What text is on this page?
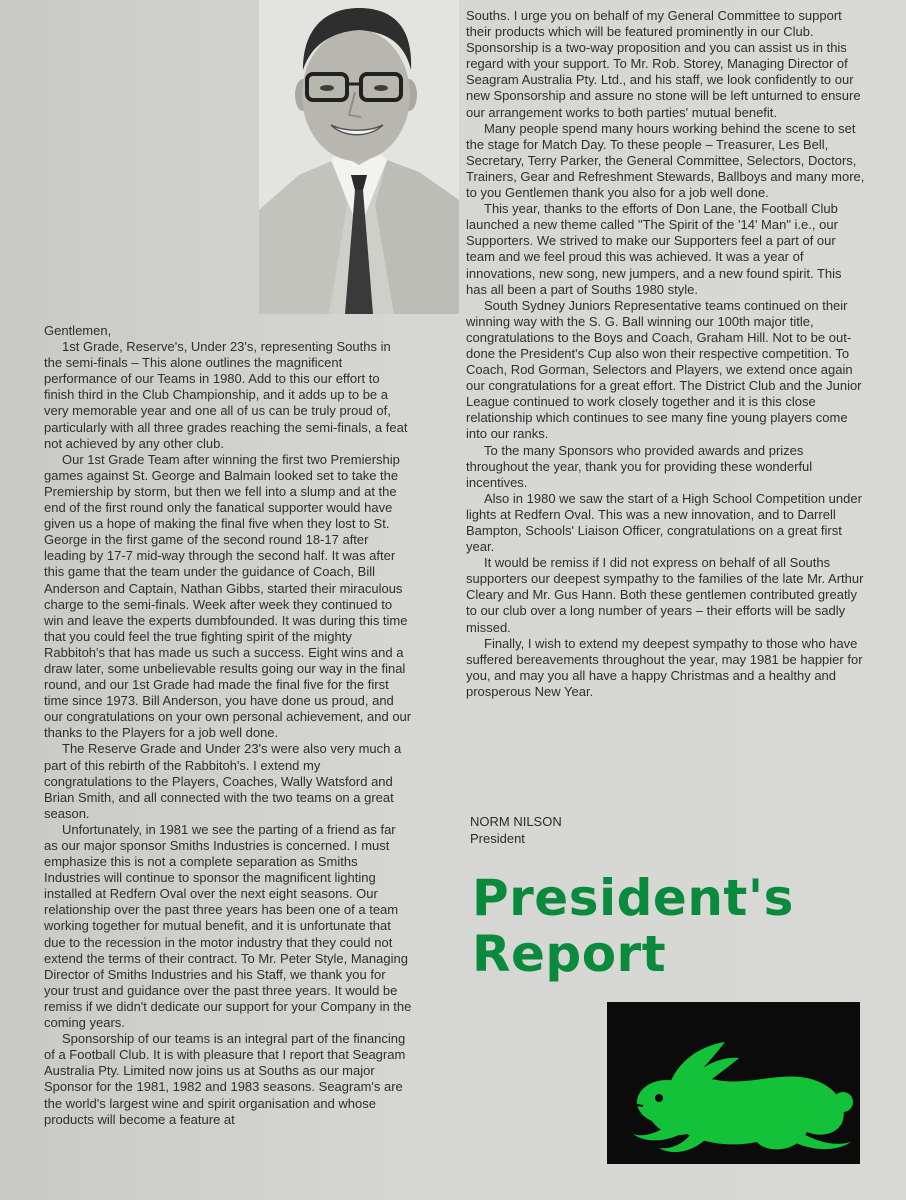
Gentlemen,

1st Grade, Reserve's, Under 23's, representing Souths in the semi-finals – This alone outlines the magnificent performance of our Teams in 1980. Add to this our effort to finish third in the Club Championship, and it adds up to be a very memorable year and one all of us can be truly proud of, particularly with all three grades reaching the semi-finals, a feat not achieved by any other club.

Our 1st Grade Team after winning the first two Premiership games against St. George and Balmain looked set to take the Premiership by storm, but then we fell into a slump and at the end of the first round only the fanatical supporter would have given us a hope of making the final five when they lost to St. George in the first game of the second round 18-17 after leading by 17-7 mid-way through the second half. It was after this game that the team under the guidance of Coach, Bill Anderson and Captain, Nathan Gibbs, started their miraculous charge to the semi-finals. Week after week they continued to win and leave the experts dumbfounded. It was during this time that you could feel the true fighting spirit of the mighty Rabbitoh's that has made us such a success. Eight wins and a draw later, some unbelievable results going our way in the final round, and our 1st Grade had made the final five for the first time since 1973. Bill Anderson, you have done us proud, and our congratulations on your own personal achievement, and our thanks to the Players for a job well done.

The Reserve Grade and Under 23's were also very much a part of this rebirth of the Rabbitoh's. I extend my congratulations to the Players, Coaches, Wally Watsford and Brian Smith, and all connected with the two teams on a great season.

Unfortunately, in 1981 we see the parting of a friend as far as our major sponsor Smiths Industries is concerned. I must emphasize this is not a complete separation as Smiths Industries will continue to sponsor the magnificent lighting installed at Redfern Oval over the next eight seasons. Our relationship over the past three years has been one of a team working together for mutual benefit, and it is unfortunate that due to the recession in the motor industry that they could not extend the terms of their contract. To Mr. Peter Style, Managing Director of Smiths Industries and his Staff, we thank you for your trust and guidance over the past three years. It would be remiss if we didn't dedicate our support for your Company in the coming years.

Sponsorship of our teams is an integral part of the financing of a Football Club. It is with pleasure that I report that Seagram Australia Pty. Limited now joins us at Souths as our major Sponsor for the 1981, 1982 and 1983 seasons. Seagram's are the world's largest wine and spirit organisation and whose products will become a feature at

Souths. I urge you on behalf of my General Committee to support their products which will be featured prominently in our Club. Sponsorship is a two-way proposition and you can assist us in this regard with your support. To Mr. Rob. Storey, Managing Director of Seagram Australia Pty. Ltd., and his staff, we look confidently to our new Sponsorship and assure no stone will be left unturned to ensure our arrangement works to both parties' mutual benefit.

Many people spend many hours working behind the scene to set the stage for Match Day. To these people – Treasurer, Les Bell, Secretary, Terry Parker, the General Committee, Selectors, Doctors, Trainers, Gear and Refreshment Stewards, Ballboys and many more, to you Gentlemen thank you also for a job well done.

This year, thanks to the efforts of Don Lane, the Football Club launched a new theme called "The Spirit of the '14' Man" i.e., our Supporters. We strived to make our Supporters feel a part of our team and we feel proud this was achieved. It was a year of innovations, new song, new jumpers, and a new found spirit. This has all been a part of Souths 1980 style.

South Sydney Juniors Representative teams continued on their winning way with the S. G. Ball winning our 100th major title, congratulations to the Boys and Coach, Graham Hill. Not to be out-done the President's Cup also won their respective competition. To Coach, Rod Gorman, Selectors and Players, we extend once again our congratulations for a great effort. The District Club and the Junior League continued to work closely together and it is this close relationship which continues to see many fine young players come into our ranks.

To the many Sponsors who provided awards and prizes throughout the year, thank you for providing these wonderful incentives.

Also in 1980 we saw the start of a High School Competition under lights at Redfern Oval. This was a new innovation, and to Darrell Bampton, Schools' Liaison Officer, congratulations on a great first year.

It would be remiss if I did not express on behalf of all Souths supporters our deepest sympathy to the families of the late Mr. Arthur Cleary and Mr. Gus Hann. Both these gentlemen contributed greatly to our club over a long number of years – their efforts will be sadly missed.

Finally, I wish to extend my deepest sympathy to those who have suffered bereavements throughout the year, may 1981 be happier for you, and may you all have a happy Christmas and a healthy and prosperous New Year.

NORM NILSON
President
President's
Report
